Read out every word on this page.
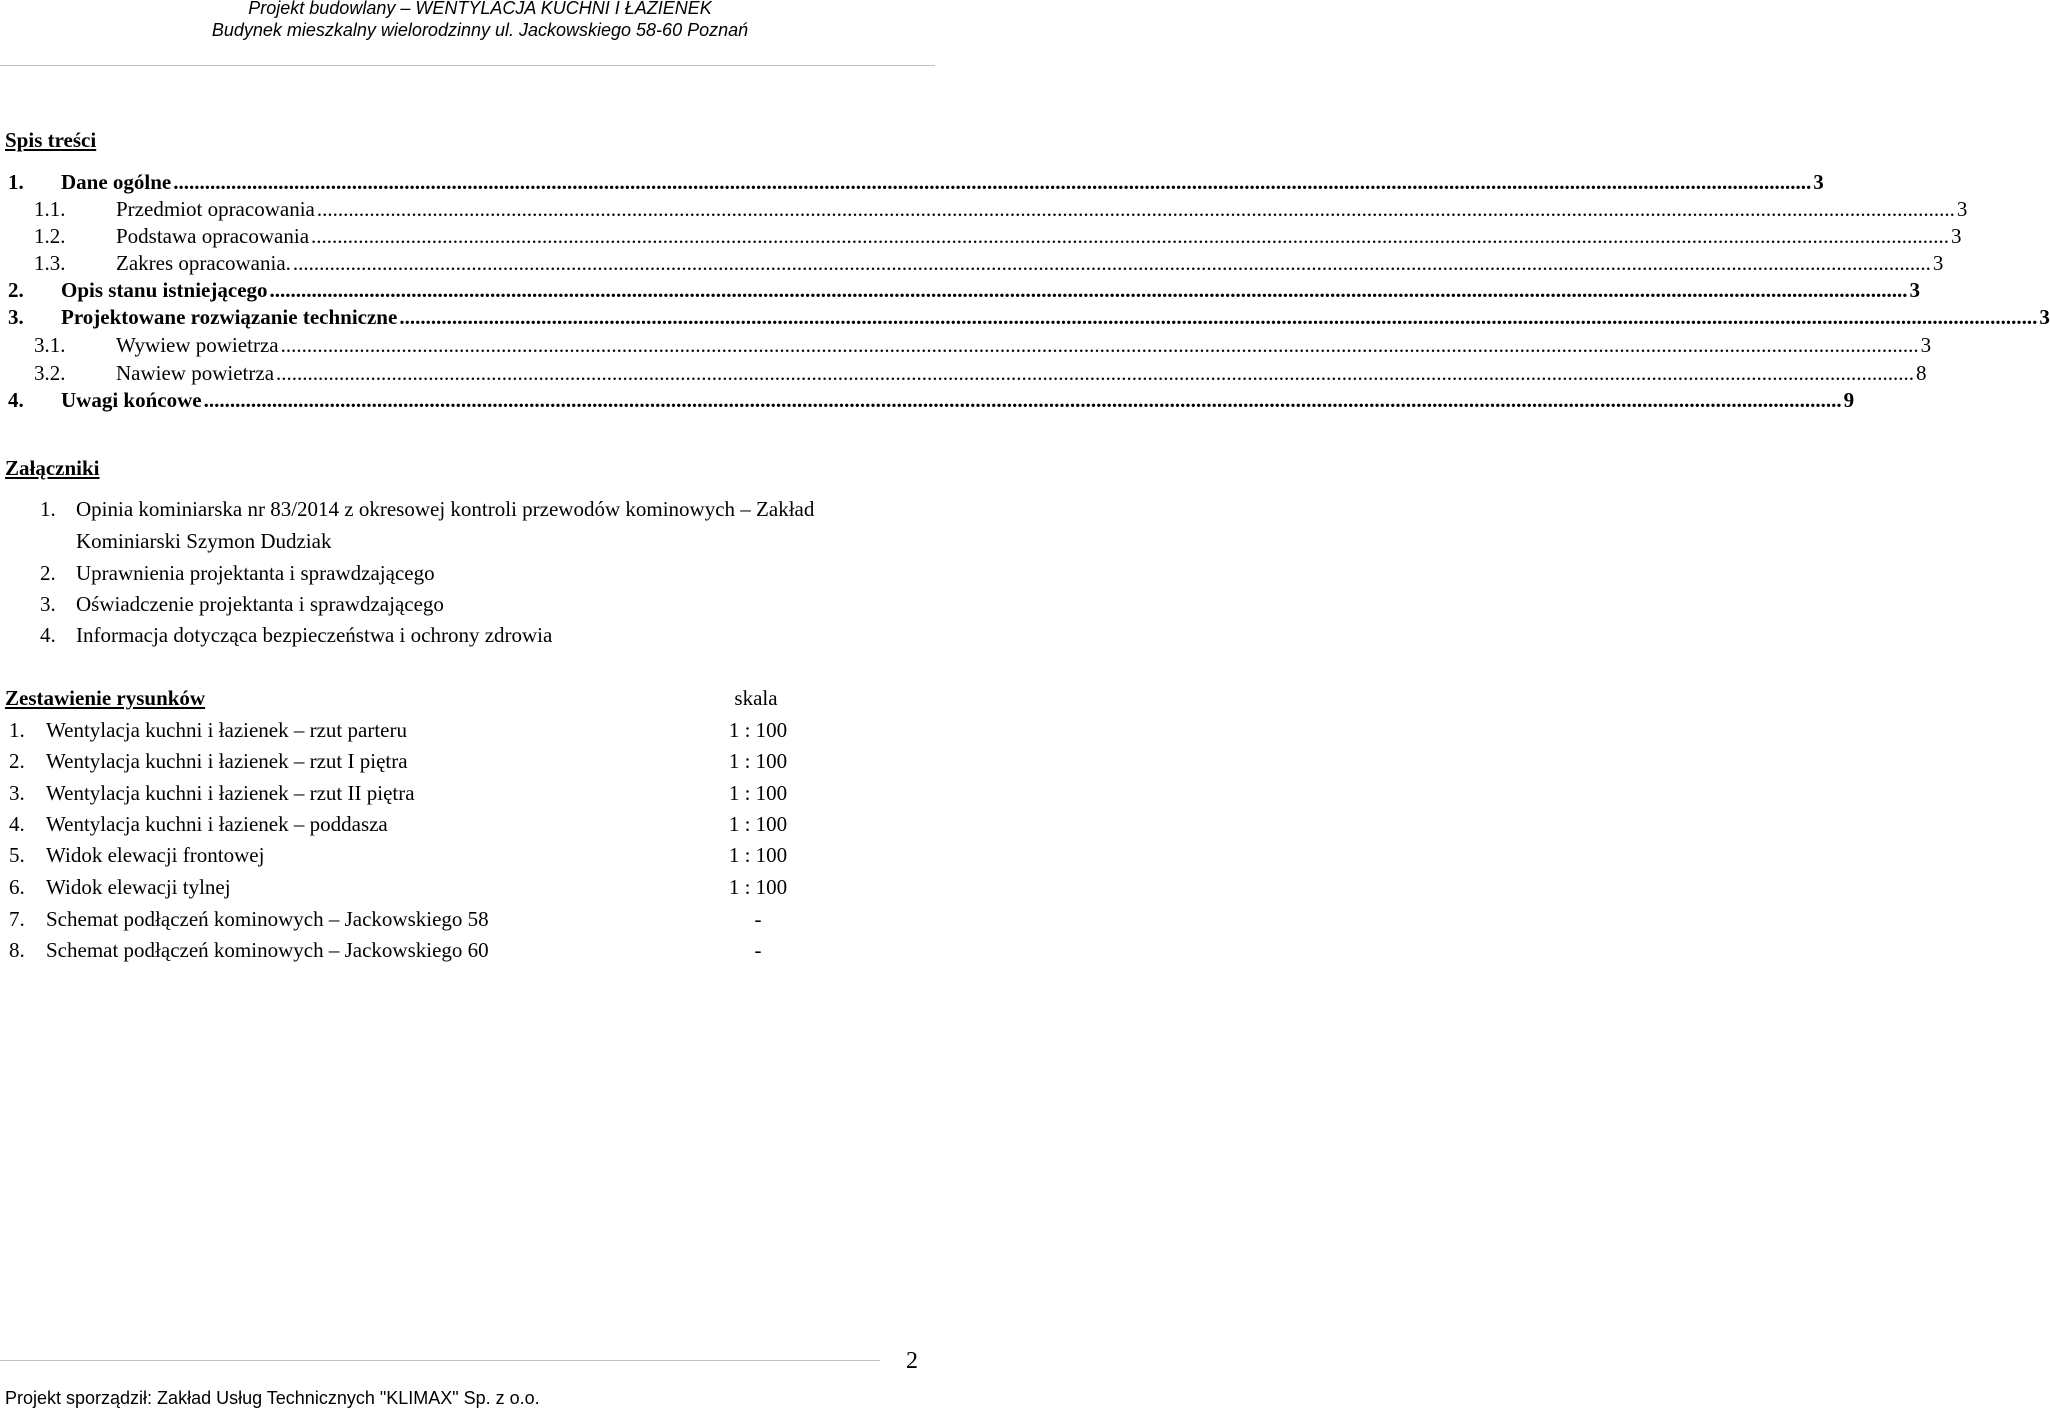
Projekt budowlany – WENTYLACJA KUCHNI I ŁAZIENEK
Budynek mieszkalny wielorodzinny ul. Jackowskiego 58-60 Poznań
Spis treści
1.	Dane ogólne .....	3
1.1.	Przedmiot opracowania .....	3
1.2.	Podstawa opracowania .....	3
1.3.	Zakres opracowania. .....	3
2.	Opis stanu istniejącego .....	3
3.	Projektowane rozwiązanie techniczne .....	3
3.1.	Wywiew powietrza .....	3
3.2.	Nawiew powietrza .....	8
4.	Uwagi końcowe .....	9
Załączniki
1. Opinia kominiarska nr 83/2014 z okresowej kontroli przewodów kominowych – Zakład
Kominiarski Szymon Dudziak
2. Uprawnienia projektanta i sprawdzającego
3. Oświadczenie projektanta i sprawdzającego
4. Informacja dotycząca bezpieczeństwa i ochrony zdrowia
Zestawienie rysunków	skala
1. Wentylacja kuchni i łazienek – rzut parteru	1 : 100
2. Wentylacja kuchni i łazienek – rzut I piętra	1 : 100
3. Wentylacja kuchni i łazienek – rzut II piętra	1 : 100
4. Wentylacja kuchni i łazienek – poddasza	1 : 100
5. Widok elewacji frontowej	1 : 100
6. Widok elewacji tylnej	1 : 100
7. Schemat podłączeń kominowych – Jackowskiego 58	-
8. Schemat podłączeń kominowych – Jackowskiego 60	-
2
Projekt sporządził: Zakład Usług Technicznych "KLIMAX" Sp. z o.o.
